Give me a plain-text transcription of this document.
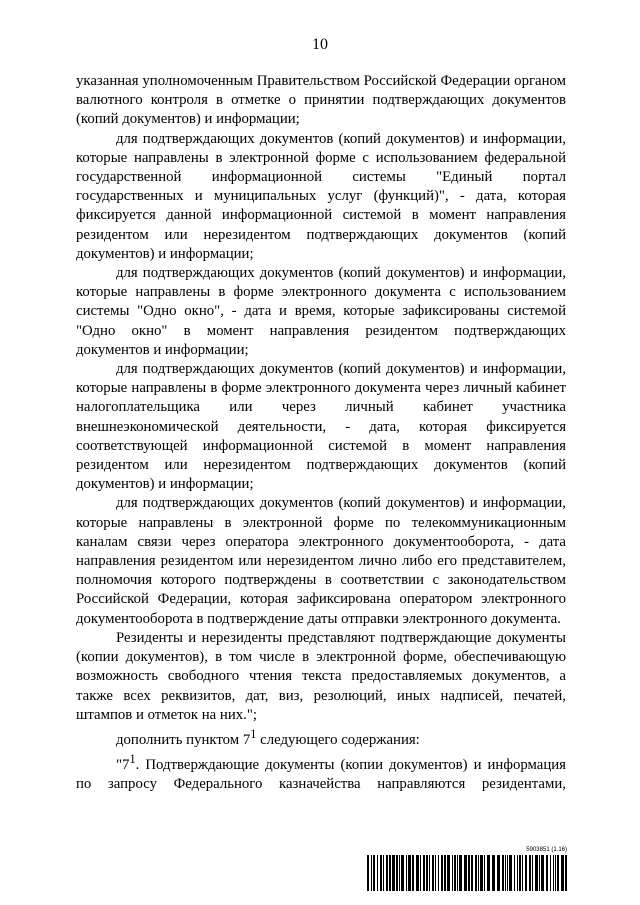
10

указанная уполномоченным Правительством Российской Федерации органом валютного контроля в отметке о принятии подтверждающих документов (копий документов) и информации;

для подтверждающих документов (копий документов) и информации, которые направлены в электронной форме с использованием федеральной государственной информационной системы "Единый портал государственных и муниципальных услуг (функций)", - дата, которая фиксируется данной информационной системой в момент направления резидентом или нерезидентом подтверждающих документов (копий документов) и информации;

для подтверждающих документов (копий документов) и информации, которые направлены в форме электронного документа с использованием системы "Одно окно", - дата и время, которые зафиксированы системой "Одно окно" в момент направления резидентом подтверждающих документов и информации;

для подтверждающих документов (копий документов) и информации, которые направлены в форме электронного документа через личный кабинет налогоплательщика или через личный кабинет участника внешнеэкономической деятельности, - дата, которая фиксируется соответствующей информационной системой в момент направления резидентом или нерезидентом подтверждающих документов (копий документов) и информации;

для подтверждающих документов (копий документов) и информации, которые направлены в электронной форме по телекоммуникационным каналам связи через оператора электронного документооборота, - дата направления резидентом или нерезидентом лично либо его представителем, полномочия которого подтверждены в соответствии с законодательством Российской Федерации, которая зафиксирована оператором электронного документооборота в подтверждение даты отправки электронного документа.

Резиденты и нерезиденты представляют подтверждающие документы (копии документов), в том числе в электронной форме, обеспечивающую возможность свободного чтения текста предоставляемых документов, а также всех реквизитов, дат, виз, резолюций, иных надписей, печатей, штампов и отметок на них.";

дополнить пунктом $7^1$ следующего содержания:

"$7^1$. Подтверждающие документы (копии документов) и информация по запросу Федерального казначейства направляются резидентами,

5903851 (1.16)
